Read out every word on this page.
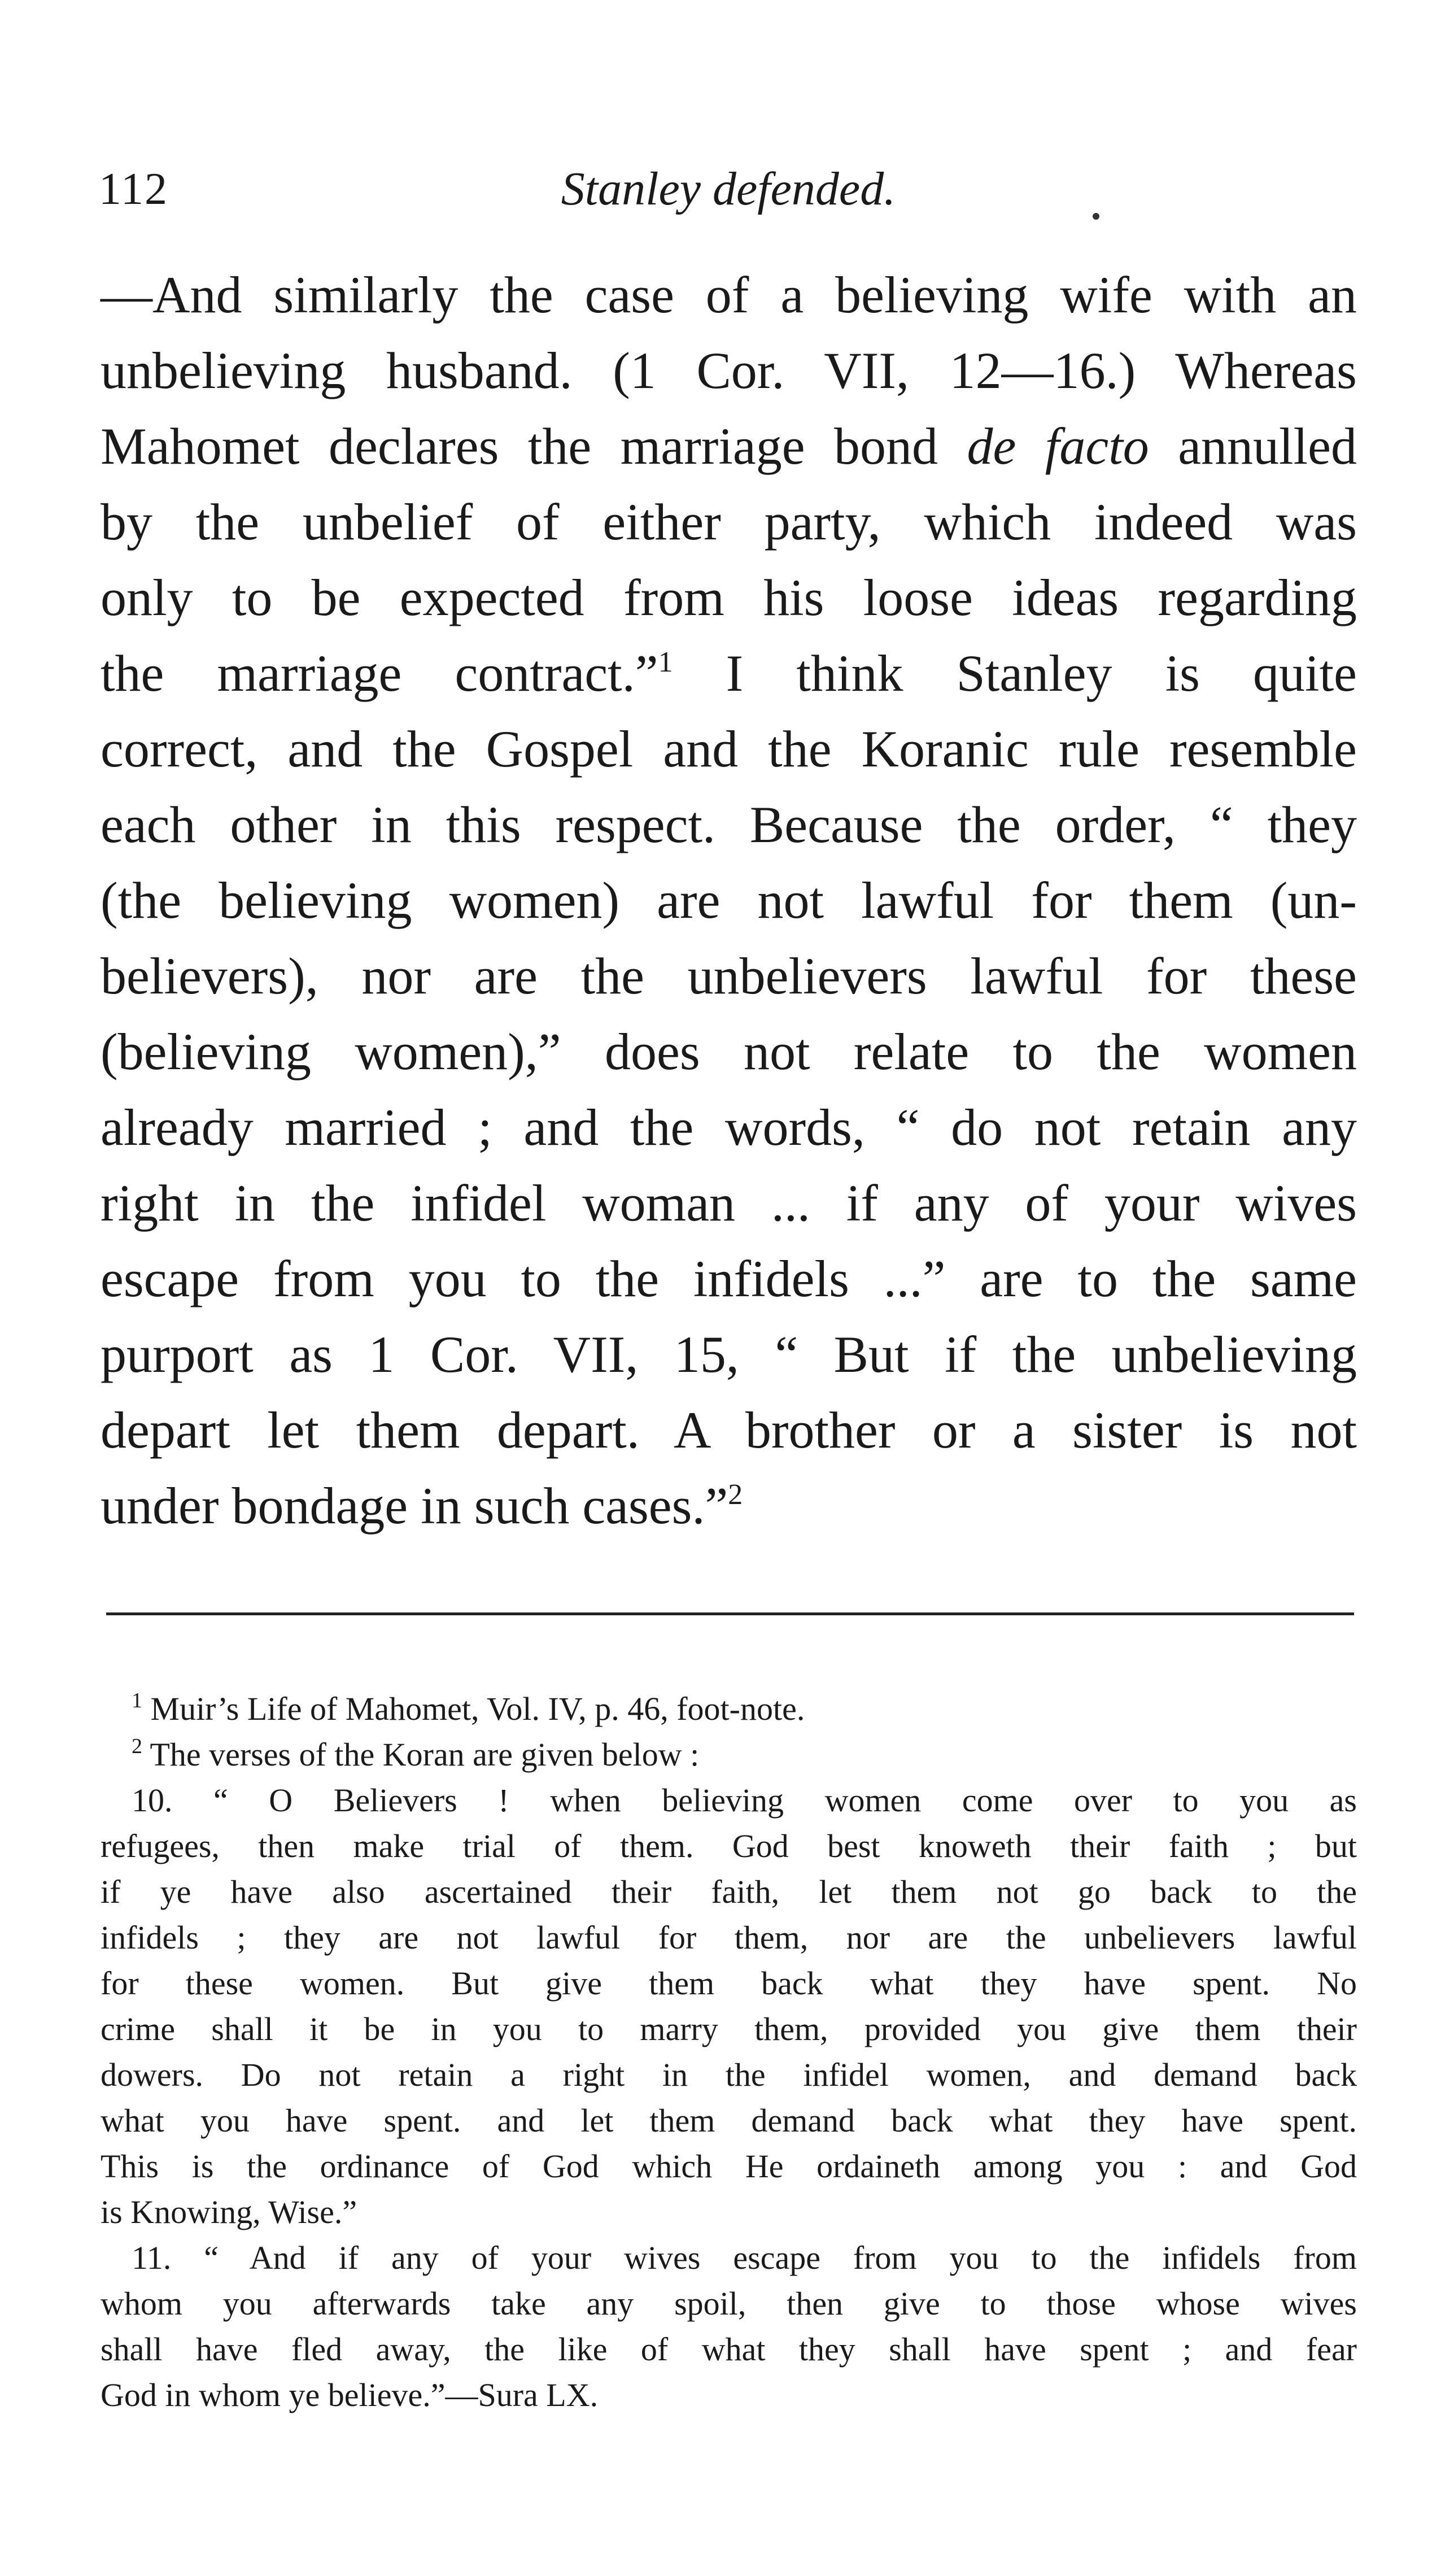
112	Stanley defended.
—And similarly the case of a believing wife with an
unbelieving husband. (1 Cor. VII, 12—16.) Whereas
Mahomet declares the marriage bond de facto annulled
by the unbelief of either party, which indeed was
only to be expected from his loose ideas regarding
the marriage contract.”$^1$ I think Stanley is quite
correct, and the Gospel and the Koranic rule resemble
each other in this respect. Because the order, “ they
(the believing women) are not lawful for them (un-
believers), nor are the unbelievers lawful for these
(believing women),” does not relate to the women
already married ; and the words, “ do not retain any
right in the infidel woman ... if any of your wives
escape from you to the infidels ...” are to the same
purport as 1 Cor. VII, 15, “ But if the unbelieving
depart let them depart. A brother or a sister is not
under bondage in such cases.”$^2$
$^1$ Muir’s Life of Mahomet, Vol. IV, p. 46, foot-note.
$^2$ The verses of the Koran are given below :
10. “ O Believers ! when believing women come over to you as
refugees, then make trial of them. God best knoweth their faith ; but
if ye have also ascertained their faith, let them not go back to the
infidels ; they are not lawful for them, nor are the unbelievers lawful
for these women. But give them back what they have spent. No
crime shall it be in you to marry them, provided you give them their
dowers. Do not retain a right in the infidel women, and demand back
what you have spent. and let them demand back what they have spent.
This is the ordinance of God which He ordaineth among you : and God
is Knowing, Wise.”
11. “ And if any of your wives escape from you to the infidels from
whom you afterwards take any spoil, then give to those whose wives
shall have fled away, the like of what they shall have spent ; and fear
God in whom ye believe.”—Sura LX.
